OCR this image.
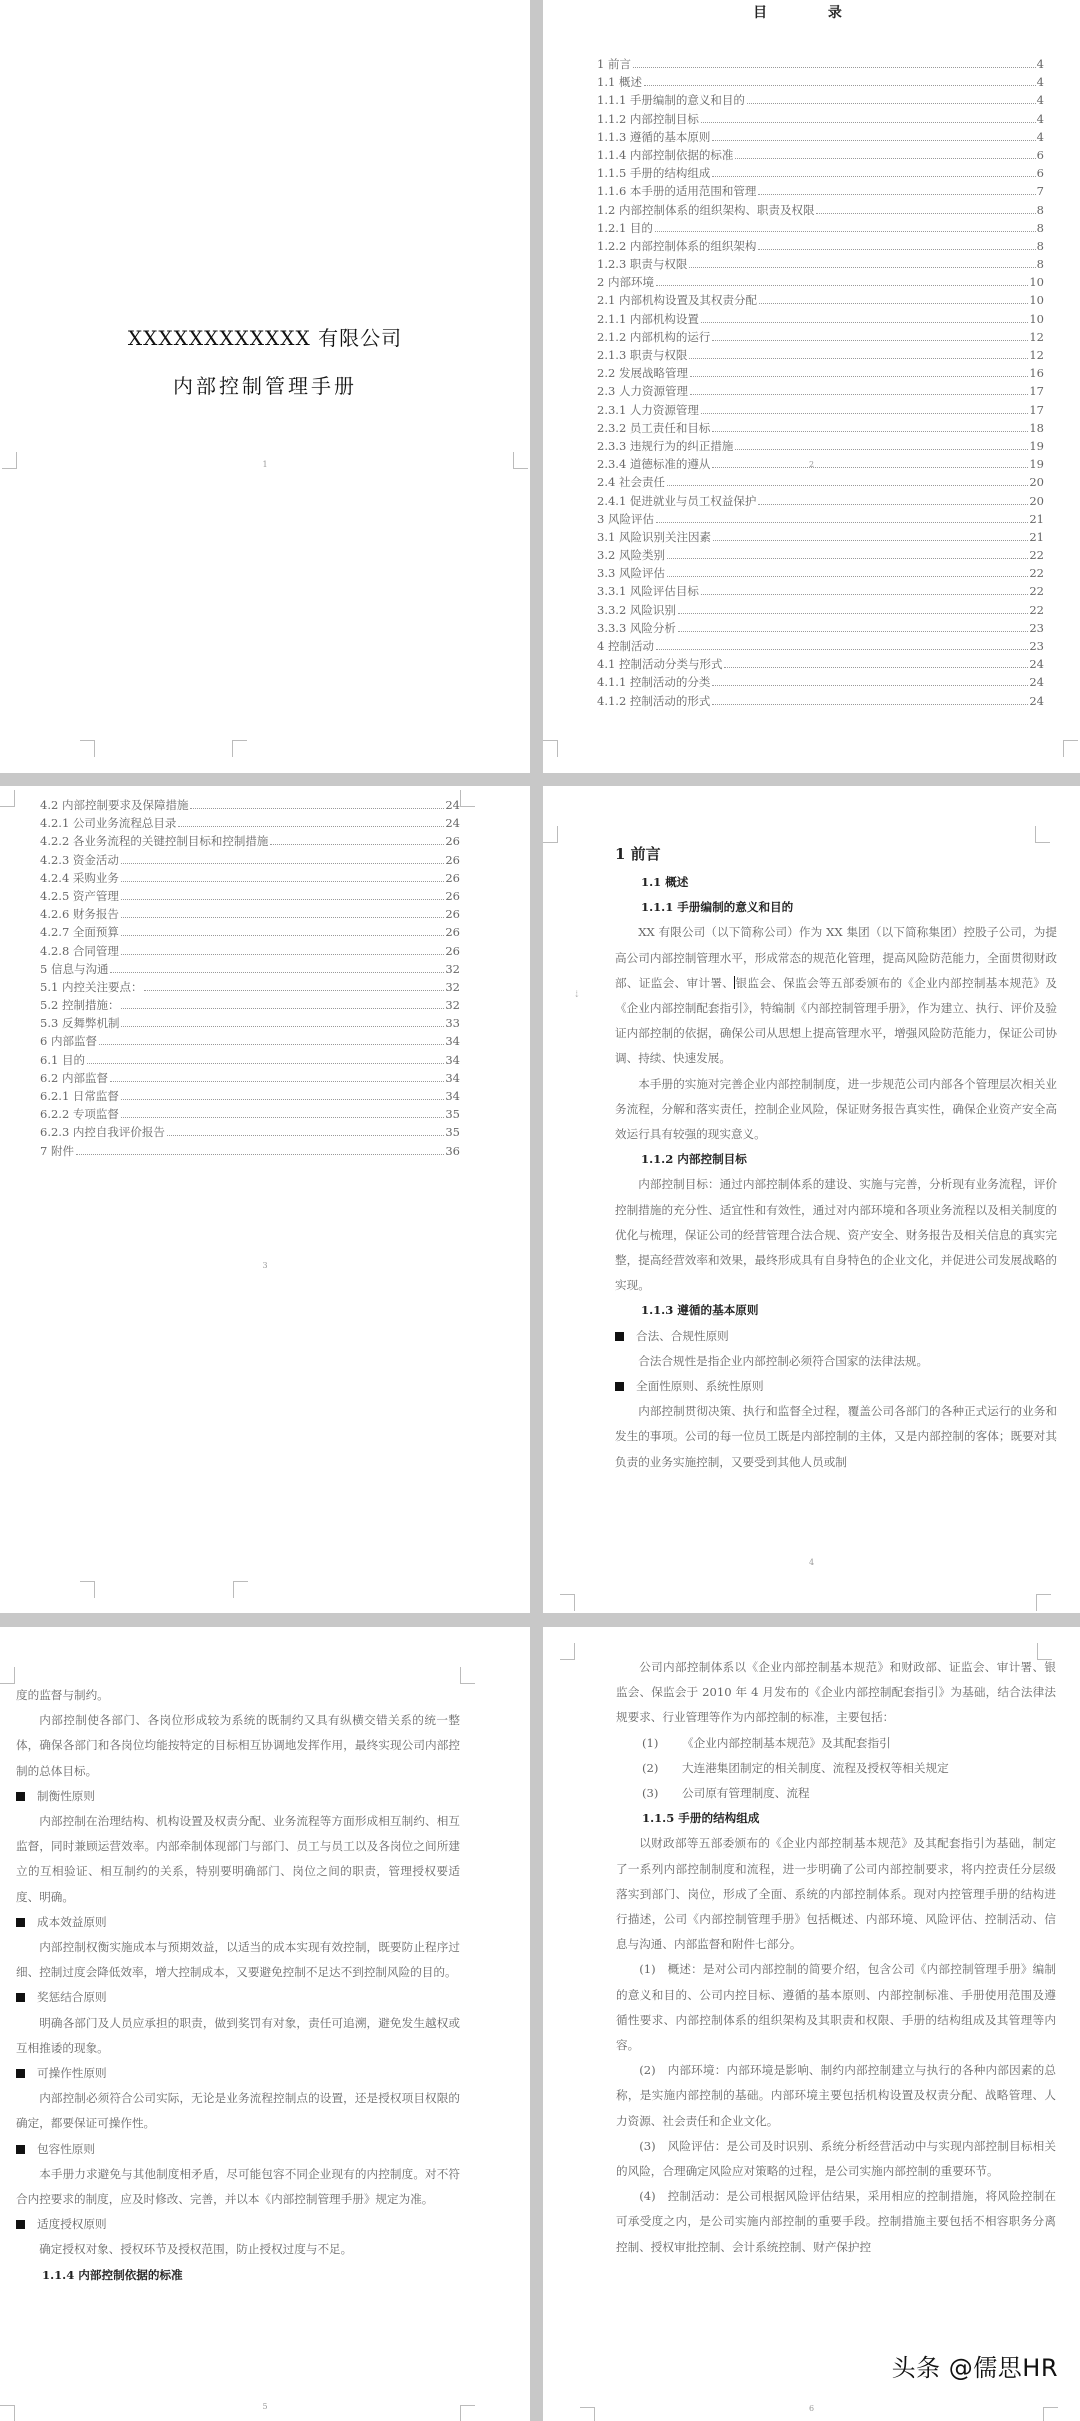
XXXXXXXXXXXX 有限公司
内部控制管理手册
1
目 录
1 前言	4
1.1 概述	4
1.1.1 手册编制的意义和目的	4
1.1.2 内部控制目标	4
1.1.3 遵循的基本原则	4
1.1.4 内部控制依据的标准	6
1.1.5 手册的结构组成	6
1.1.6 本手册的适用范围和管理	7
1.2 内部控制体系的组织架构、职责及权限	8
1.2.1 目的	8
1.2.2 内部控制体系的组织架构	8
1.2.3 职责与权限	8
2 内部环境	10
2.1 内部机构设置及其权责分配	10
2.1.1 内部机构设置	10
2.1.2 内部机构的运行	12
2.1.3 职责与权限	12
2.2 发展战略管理	16
2.3 人力资源管理	17
2.3.1 人力资源管理	17
2.3.2 员工责任和目标	18
2.3.3 违规行为的纠正措施	19
2.3.4 道德标准的遵从	19
2.4 社会责任	20
2.4.1 促进就业与员工权益保护	20
3 风险评估	21
3.1 风险识别关注因素	21
3.2 风险类别	22
3.3 风险评估	22
3.3.1 风险评估目标	22
3.3.2 风险识别	22
3.3.3 风险分析	23
4 控制活动	23
4.1 控制活动分类与形式	24
4.1.1 控制活动的分类	24
4.1.2 控制活动的形式	24
2
4.2 内部控制要求及保障措施	24
4.2.1 公司业务流程总目录	24
4.2.2 各业务流程的关键控制目标和控制措施	26
4.2.3 资金活动	26
4.2.4 采购业务	26
4.2.5 资产管理	26
4.2.6 财务报告	26
4.2.7 全面预算	26
4.2.8 合同管理	26
5 信息与沟通	32
5.1 内控关注要点：	32
5.2 控制措施：	32
5.3 反舞弊机制	33
6 内部监督	34
6.1 目的	34
6.2 内部监督	34
6.2.1 日常监督	34
6.2.2 专项监督	35
6.2.3 内控自我评价报告	35
7 附件	36
3
⇣

1 前言

1.1 概述

1.1.1 手册编制的意义和目的

XX 有限公司（以下简称公司）作为 XX 集团（以下简称集团）控股子公司，为提高公司内部控制管理水平，形成常态的规范化管理，提高风险防范能力，全面贯彻财政部、证监会、审计署、银监会、保监会等五部委颁布的《企业内部控制基本规范》及《企业内部控制配套指引》，特编制《内部控制管理手册》，作为建立、执行、评价及验证内部控制的依据，确保公司从思想上提高管理水平，增强风险防范能力，保证公司协调、持续、快速发展。

本手册的实施对完善企业内部控制制度，进一步规范公司内部各个管理层次相关业务流程，分解和落实责任，控制企业风险，保证财务报告真实性，确保企业资产安全高效运行具有较强的现实意义。

1.1.2 内部控制目标

内部控制目标：通过内部控制体系的建设、实施与完善，分析现有业务流程，评价控制措施的充分性、适宜性和有效性，通过对内部环境和各项业务流程以及相关制度的优化与梳理，保证公司的经营管理合法合规、资产安全、财务报告及相关信息的真实完整，提高经营效率和效果，最终形成具有自身特色的企业文化，并促进公司发展战略的实现。

1.1.3 遵循的基本原则

合法、合规性原则

合法合规性是指企业内部控制必须符合国家的法律法规。

全面性原则、系统性原则

内部控制贯彻决策、执行和监督全过程，覆盖公司各部门的各种正式运行的业务和发生的事项。公司的每一位员工既是内部控制的主体，又是内部控制的客体；既要对其负责的业务实施控制，又要受到其他人员或制

4

度的监督与制约。

内部控制使各部门、各岗位形成较为系统的既制约又具有纵横交错关系的统一整体，确保各部门和各岗位均能按特定的目标相互协调地发挥作用，最终实现公司内部控制的总体目标。

制衡性原则

内部控制在治理结构、机构设置及权责分配、业务流程等方面形成相互制约、相互监督，同时兼顾运营效率。内部牵制体现部门与部门、员工与员工以及各岗位之间所建立的互相验证、相互制约的关系，特别要明确部门、岗位之间的职责，管理授权要适度、明确。

成本效益原则

内部控制权衡实施成本与预期效益，以适当的成本实现有效控制，既要防止程序过细、控制过度会降低效率，增大控制成本，又要避免控制不足达不到控制风险的目的。

奖惩结合原则

明确各部门及人员应承担的职责，做到奖罚有对象，责任可追溯，避免发生越权或互相推诿的现象。

可操作性原则

内部控制必须符合公司实际，无论是业务流程控制点的设置，还是授权项目权限的确定，都要保证可操作性。

包容性原则

本手册力求避免与其他制度相矛盾，尽可能包容不同企业现有的内控制度。对不符合内控要求的制度，应及时修改、完善，并以本《内部控制管理手册》规定为准。

适度授权原则

确定授权对象、授权环节及授权范围，防止授权过度与不足。

1.1.4 内部控制依据的标准

5

公司内部控制体系以《企业内部控制基本规范》和财政部、证监会、审计署、银监会、保监会于 2010 年 4 月发布的《企业内部控制配套指引》为基础，结合法律法规要求、行业管理等作为内部控制的标准，主要包括：

(1) 《企业内部控制基本规范》及其配套指引

(2) 大连港集团制定的相关制度、流程及授权等相关规定

(3) 公司原有管理制度、流程

1.1.5 手册的结构组成

以财政部等五部委颁布的《企业内部控制基本规范》及其配套指引为基础，制定了一系列内部控制制度和流程，进一步明确了公司内部控制要求，将内控责任分层级落实到部门、岗位，形成了全面、系统的内部控制体系。现对内控管理手册的结构进行描述，公司《内部控制管理手册》包括概述、内部环境、风险评估、控制活动、信息与沟通、内部监督和附件七部分。

(1)　 概述：是对公司内部控制的简要介绍，包含公司《内部控制管理手册》编制的意义和目的、公司内控目标、遵循的基本原则、内部控制标准、手册使用范围及遵循性要求、内部控制体系的组织架构及其职责和权限、手册的结构组成及其管理等内容。

(2)　 内部环境：内部环境是影响、制约内部控制建立与执行的各种内部因素的总称，是实施内部控制的基础。内部环境主要包括机构设置及权责分配、战略管理、人力资源、社会责任和企业文化。

(3)　 风险评估：是公司及时识别、系统分析经营活动中与实现内部控制目标相关的风险，合理确定风险应对策略的过程，是公司实施内部控制的重要环节。

(4)　 控制活动：是公司根据风险评估结果，采用相应的控制措施，将风险控制在可承受度之内，是公司实施内部控制的重要手段。控制措施主要包括不相容职务分离控制、授权审批控制、会计系统控制、财产保护控

头条 @儒思HR
6
